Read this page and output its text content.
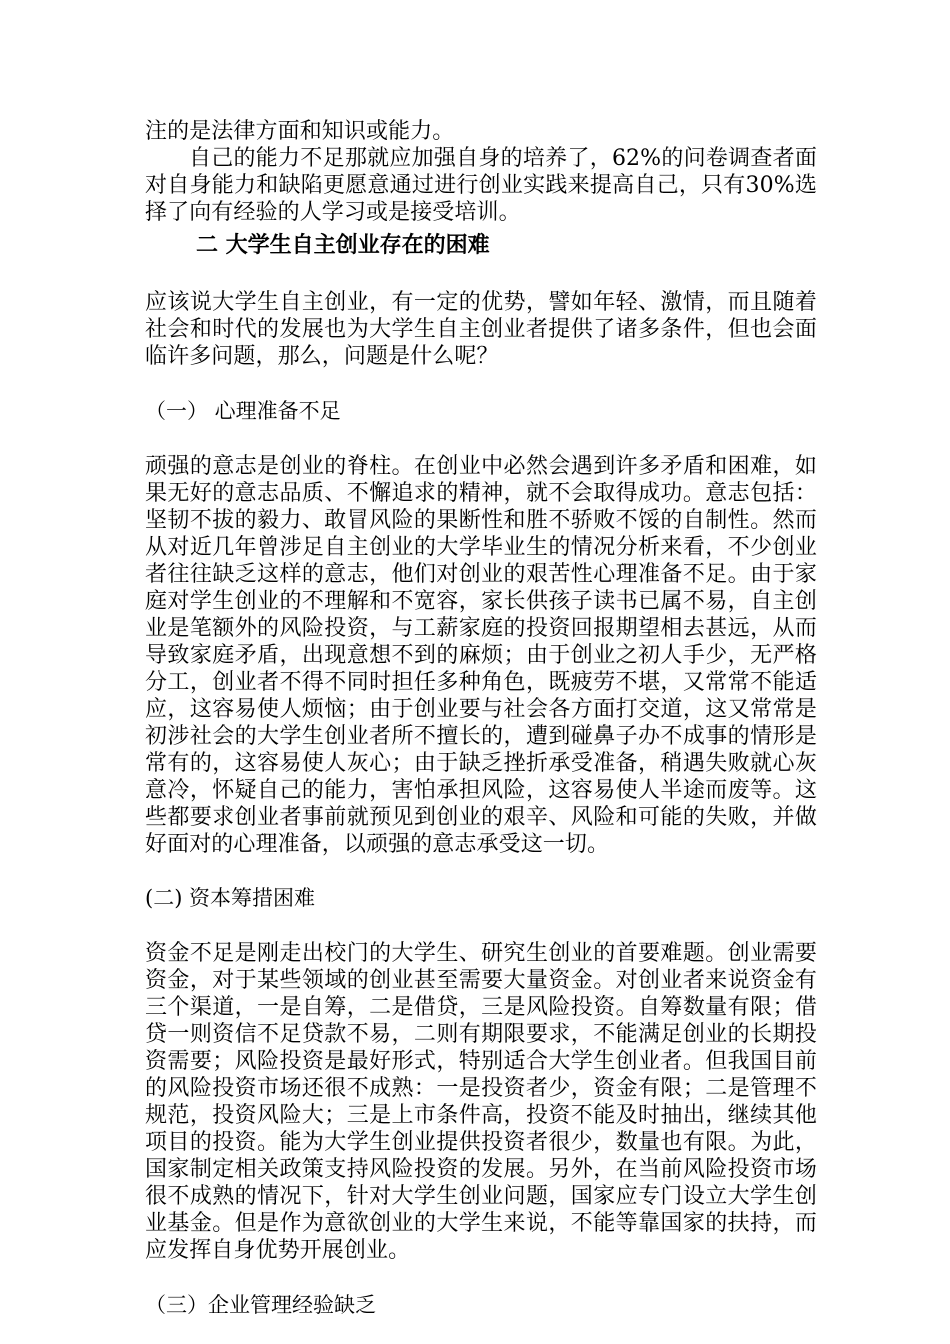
注的是法律方面和知识或能力。

自己的能力不足那就应加强自身的培养了，62%的问卷调查者面对自身能力和缺陷更愿意通过进行创业实践来提高自己，只有30%选择了向有经验的人学习或是接受培训。

二 大学生自主创业存在的困难

应该说大学生自主创业，有一定的优势，譬如年轻、激情，而且随着社会和时代的发展也为大学生自主创业者提供了诸多条件，但也会面临许多问题，那么，问题是什么呢？

（一） 心理准备不足

顽强的意志是创业的脊柱。在创业中必然会遇到许多矛盾和困难，如果无好的意志品质、不懈追求的精神，就不会取得成功。意志包括：坚韧不拔的毅力、敢冒风险的果断性和胜不骄败不馁的自制性。然而从对近几年曾涉足自主创业的大学毕业生的情况分析来看，不少创业者往往缺乏这样的意志，他们对创业的艰苦性心理准备不足。由于家庭对学生创业的不理解和不宽容，家长供孩子读书已属不易，自主创业是笔额外的风险投资，与工薪家庭的投资回报期望相去甚远，从而导致家庭矛盾，出现意想不到的麻烦；由于创业之初人手少，无严格分工，创业者不得不同时担任多种角色，既疲劳不堪，又常常不能适应，这容易使人烦恼；由于创业要与社会各方面打交道，这又常常是初涉社会的大学生创业者所不擅长的，遭到碰鼻子办不成事的情形是常有的，这容易使人灰心；由于缺乏挫折承受准备，稍遇失败就心灰意冷，怀疑自己的能力，害怕承担风险，这容易使人半途而废等。这些都要求创业者事前就预见到创业的艰辛、风险和可能的失败，并做好面对的心理准备，以顽强的意志承受这一切。

(二) 资本筹措困难

资金不足是刚走出校门的大学生、研究生创业的首要难题。创业需要资金，对于某些领域的创业甚至需要大量资金。对创业者来说资金有三个渠道，一是自筹，二是借贷，三是风险投资。自筹数量有限；借贷一则资信不足贷款不易，二则有期限要求，不能满足创业的长期投资需要；风险投资是最好形式，特别适合大学生创业者。但我国目前的风险投资市场还很不成熟：一是投资者少，资金有限；二是管理不规范，投资风险大；三是上市条件高，投资不能及时抽出，继续其他项目的投资。能为大学生创业提供投资者很少，数量也有限。为此，国家制定相关政策支持风险投资的发展。另外，在当前风险投资市场很不成熟的情况下，针对大学生创业问题，国家应专门设立大学生创业基金。但是作为意欲创业的大学生来说，不能等靠国家的扶持，而应发挥自身优势开展创业。

（三）企业管理经验缺乏
